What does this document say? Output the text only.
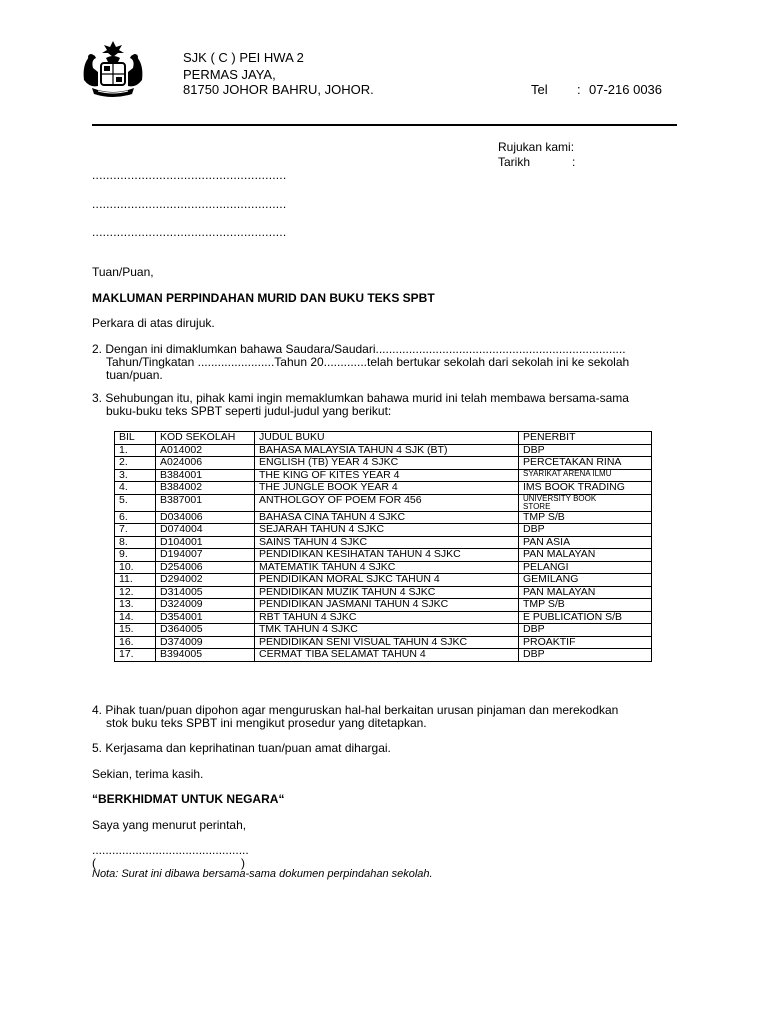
SJK ( C ) PEI HWA 2
PERMAS JAYA,
81750 JOHOR BAHRU, JOHOR.	Tel : 07-216 0036
Rujukan kami:
Tarikh	:
.......................................................
.......................................................
.......................................................
Tuan/Puan,
MAKLUMAN PERPINDAHAN MURID DAN BUKU TEKS SPBT
Perkara di atas dirujuk.
2. Dengan ini dimaklumkan bahawa Saudara/Saudari...........................................................................
Tahun/Tingkatan .......................Tahun 20.............telah bertukar sekolah dari sekolah ini ke sekolah
tuan/puan.
3. Sehubungan itu, pihak kami ingin memaklumkan bahawa murid ini telah membawa bersama-sama
buku-buku teks SPBT seperti judul-judul yang berikut:
BIL	KOD SEKOLAH	JUDUL BUKU	PENERBIT
1.	A014002	BAHASA MALAYSIA TAHUN 4 SJK (BT)	DBP
2.	A024006	ENGLISH (TB) YEAR 4 SJKC	PERCETAKAN RINA
3.	B384001	THE KING OF KITES YEAR 4	SYARIKAT ARENA ILMU

4.	B384002	THE JUNGLE BOOK YEAR 4	IMS BOOK TRADING
5.	B387001	ANTHOLGOY OF POEM FOR 456	UNIVERSITY BOOK STORE

6.	D034006	BAHASA CINA TAHUN 4 SJKC	TMP S/B
7.	D074004	SEJARAH TAHUN 4 SJKC	DBP
8.	D104001	SAINS TAHUN 4 SJKC	PAN ASIA
9.	D194007	PENDIDIKAN KESIHATAN TAHUN 4 SJKC	PAN MALAYAN
10.	D254006	MATEMATIK TAHUN 4 SJKC	PELANGI
11.	D294002	PENDIDIKAN MORAL SJKC TAHUN 4	GEMILANG
12.	D314005	PENDIDIKAN MUZIK TAHUN 4 SJKC	PAN MALAYAN
13.	D324009	PENDIDIKAN JASMANI TAHUN 4 SJKC	TMP S/B
14.	D354001	RBT TAHUN 4 SJKC	E PUBLICATION S/B
15.	D364005	TMK TAHUN 4 SJKC	DBP
16.	D374009	PENDIDIKAN SENI VISUAL TAHUN 4 SJKC	PROAKTIF
17.	B394005	CERMAT TIBA SELAMAT TAHUN 4	DBP
4. Pihak tuan/puan dipohon agar menguruskan hal-hal berkaitan urusan pinjaman dan merekodkan
stok buku teks SPBT ini mengikut prosedur yang ditetapkan.
5. Kerjasama dan keprihatinan tuan/puan amat dihargai.
Sekian, terima kasih.
“BERKHIDMAT UNTUK NEGARA“
Saya yang menurut perintah,
...............................................
(	)
Nota: Surat ini dibawa bersama-sama dokumen perpindahan sekolah.
